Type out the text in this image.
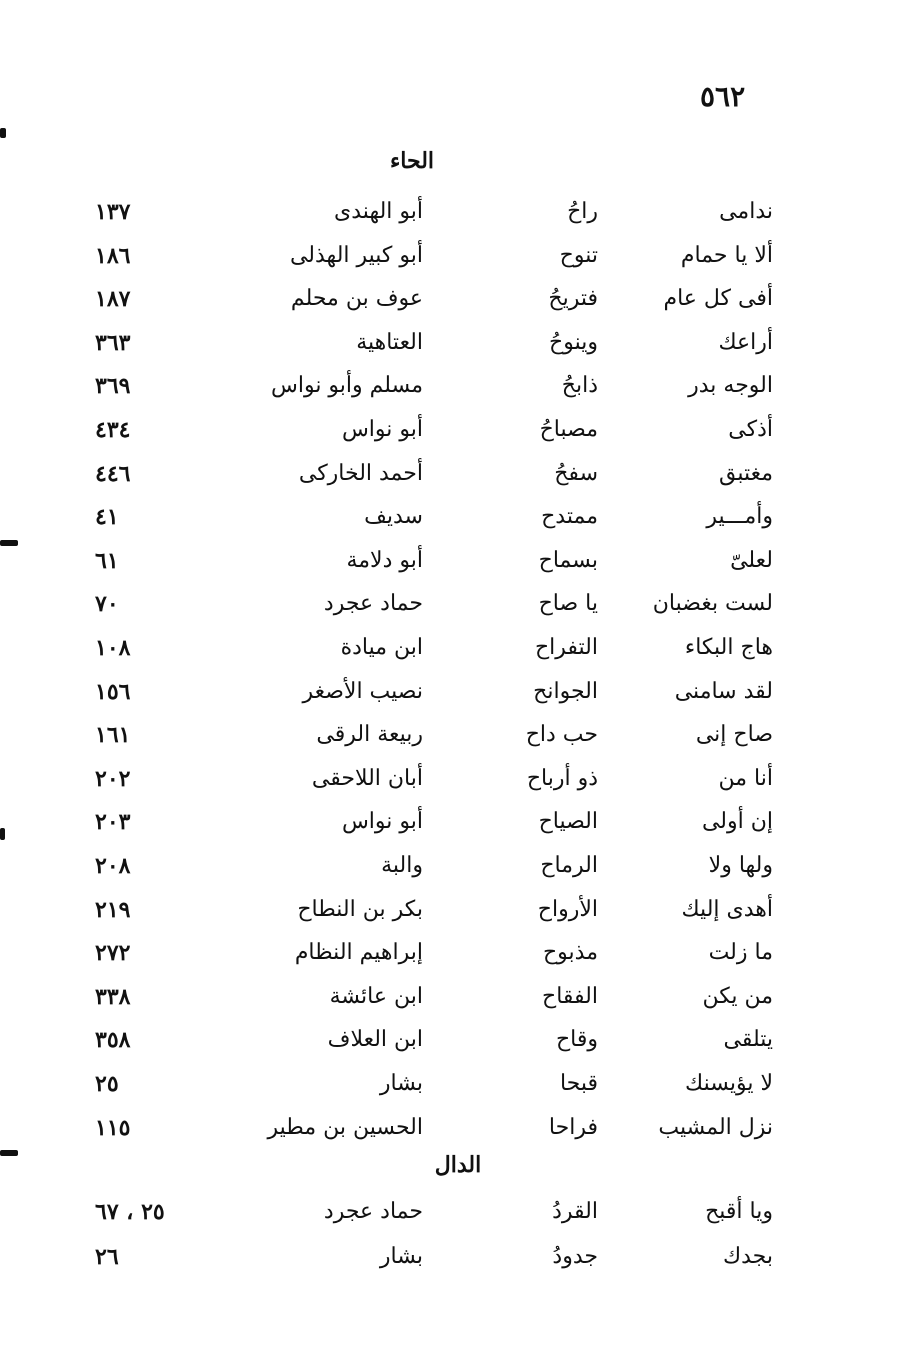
٥٦٢
الحاء
ندامى
راحُ
أبو الهندى
١٣٧
ألا يا حمام
تنوح
أبو كبير الهذلى
١٨٦
أفى كل عام
فتريحُ
عوف بن محلم
١٨٧
أراعك
وينوحُ
العتاهية
٣٦٣
الوجه بدر
ذابحُ
مسلم وأبو نواس
٣٦٩
أذكى
مصباحُ
أبو نواس
٤٣٤
مغتبق
سفحُ
أحمد الخاركى
٤٤٦
وأمـــير
ممتدح
سديف
٤١
لعلىّ
بسماح
أبو دلامة
٦١
لست بغضبان
يا صاح
حماد عجرد
٧٠
هاج البكاء
التفراح
ابن ميادة
١٠٨
لقد سامنى
الجوانح
نصيب الأصغر
١٥٦
صاح إنى
حب داح
ربيعة الرقى
١٦١
أنا من
ذو أرباح
أبان اللاحقى
٢٠٢
إن أولى
الصياح
أبو نواس
٢٠٣
ولها ولا
الرماح
والبة
٢٠٨
أهدى إليك
الأرواح
بكر بن النطاح
٢١٩
ما زلت
مذبوح
إبراهيم النظام
٢٧٢
من يكن
الفقاح
ابن عائشة
٣٣٨
يتلقى
وقاح
ابن العلاف
٣٥٨
لا يؤيسنك
قبحا
بشار
٢٥
نزل المشيب
فراحا
الحسين بن مطير
١١٥
الدال
ويا أقبح
القردُ
حماد عجرد
٢٥ ، ٦٧
بجدك
جدودُ
بشار
٢٦
